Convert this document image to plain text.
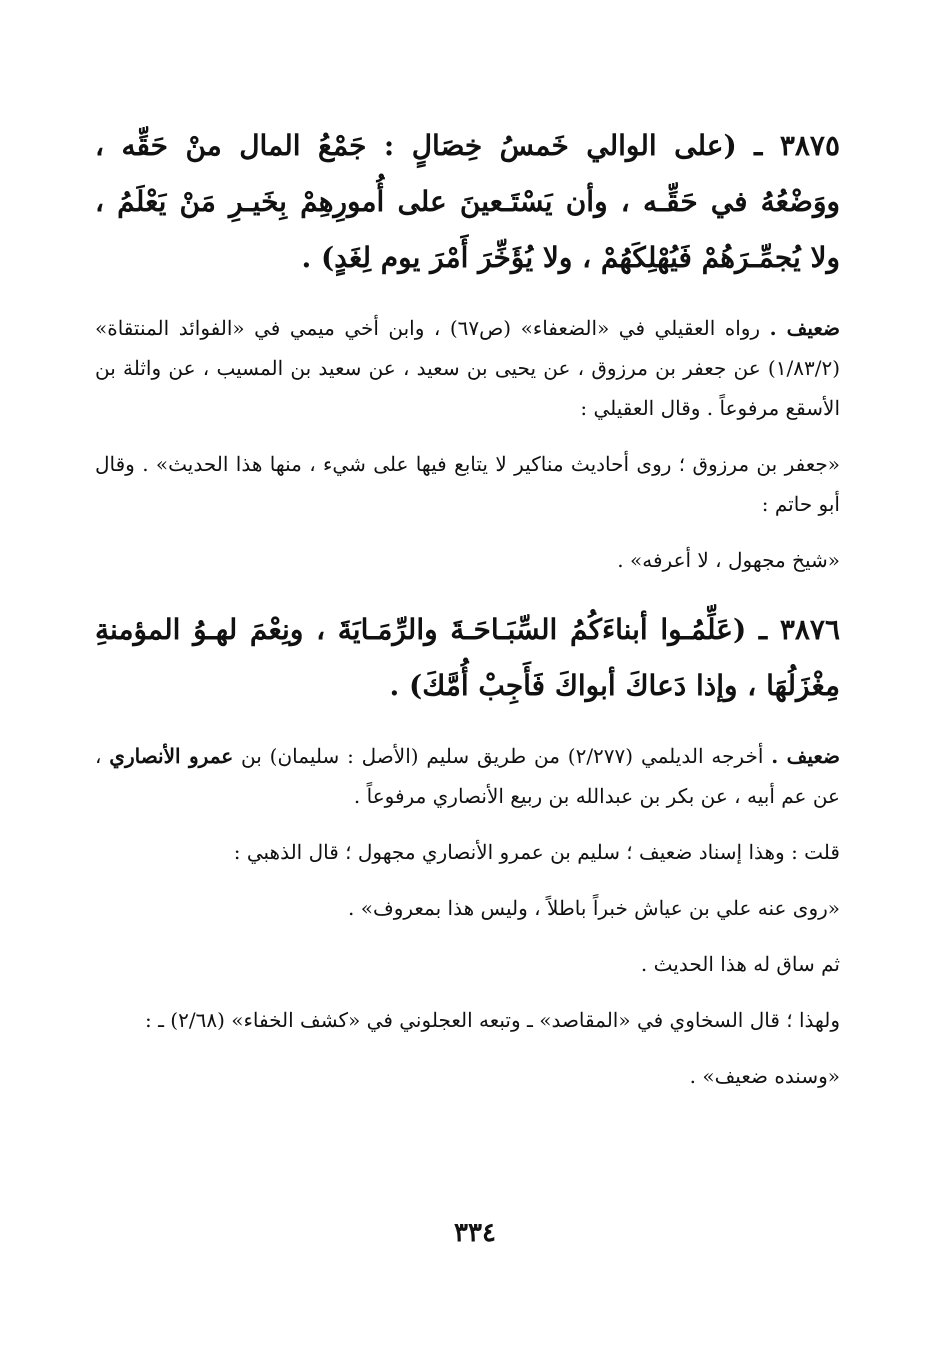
٣٨٧٥ ـ (على الوالي خَمسُ خِصَالٍ : جَمْعُ المال منْ حَقِّه ، ووَضْعُهُ في حَقِّـه ، وأن يَسْتَـعينَ على أُمورِهِمْ بِخَيـرِ مَنْ يَعْلَمُ ، ولا يُجمِّـرَهُمْ فَيُهْلِكَهُمْ ، ولا يُؤَخِّرَ أَمْرَ يوم لِغَدٍ) .

ضعيف . رواه العقيلي في «الضعفاء» (ص٦٧) ، وابن أخي ميمي في «الفوائد المنتقاة» (١/٨٣/٢) عن جعفر بن مرزوق ، عن يحيى بن سعيد ، عن سعيد بن المسيب ، عن واثلة بن الأسقع مرفوعاً . وقال العقيلي :

«جعفر بن مرزوق ؛ روى أحاديث مناكير لا يتابع فيها على شيء ، منها هذا الحديث» . وقال أبو حاتم :

«شيخ مجهول ، لا أعرفه» .

٣٨٧٦ ـ (عَلِّمُـوا أبناءَكُمُ السِّبَـاحَـةَ والرِّمَـايَةَ ، ونِعْمَ لهـوُ المؤمنةِ مِغْزَلُهَا ، وإذا دَعاكَ أبواكَ فَأَجِبْ أُمَّكَ) .

ضعيف . أخرجه الديلمي (٢/٢٧٧) من طريق سليم (الأصل : سليمان) بن عمرو الأنصاري ، عن عم أبيه ، عن بكر بن عبدالله بن ربيع الأنصاري مرفوعاً .

قلت : وهذا إسناد ضعيف ؛ سليم بن عمرو الأنصاري مجهول ؛ قال الذهبي :

«روى عنه علي بن عياش خبراً باطلاً ، وليس هذا بمعروف» .

ثم ساق له هذا الحديث .

ولهذا ؛ قال السخاوي في «المقاصد» ـ وتبعه العجلوني في «كشف الخفاء» (٢/٦٨) ـ :

«وسنده ضعيف» .

٣٣٤
